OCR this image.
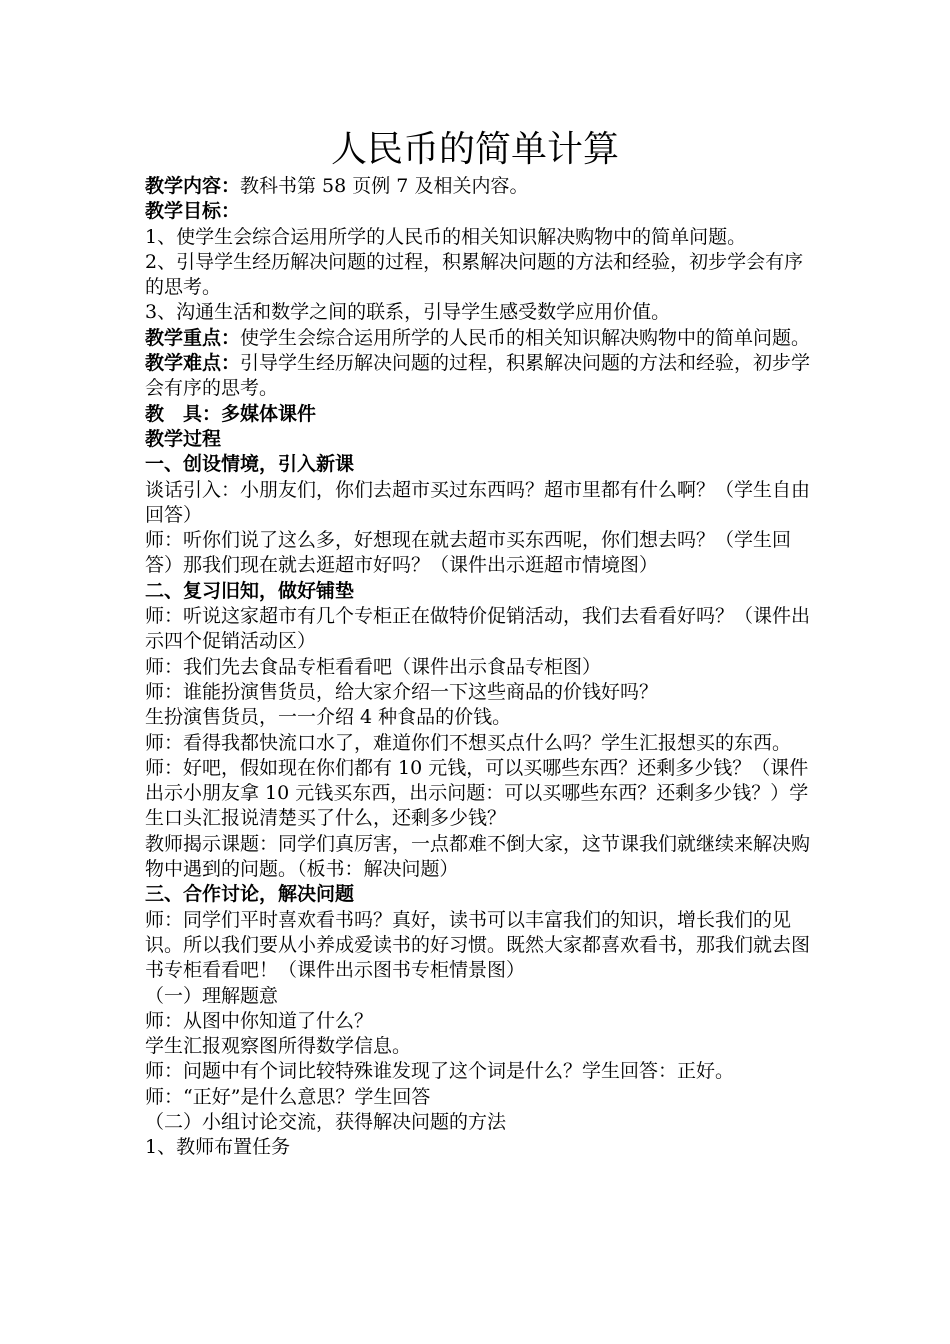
人民币的简单计算

教学内容：教科书第 58 页例 7 及相关内容。

教学目标：

1、使学生会综合运用所学的人民币的相关知识解决购物中的简单问题。

2、引导学生经历解决问题的过程，积累解决问题的方法和经验，初步学会有序的思考。

3、沟通生活和数学之间的联系，引导学生感受数学应用价值。

教学重点：使学生会综合运用所学的人民币的相关知识解决购物中的简单问题。

教学难点：引导学生经历解决问题的过程，积累解决问题的方法和经验，初步学会有序的思考。

教　具：多媒体课件

教学过程

一、创设情境，引入新课

谈话引入：小朋友们，你们去超市买过东西吗？超市里都有什么啊？（学生自由回答）

师：听你们说了这么多，好想现在就去超市买东西呢，你们想去吗？（学生回答）那我们现在就去逛超市好吗？（课件出示逛超市情境图）

二、复习旧知，做好铺垫

师：听说这家超市有几个专柜正在做特价促销活动，我们去看看好吗？（课件出示四个促销活动区）

师：我们先去食品专柜看看吧（课件出示食品专柜图）

师：谁能扮演售货员，给大家介绍一下这些商品的价钱好吗？

生扮演售货员，一一介绍 4 种食品的价钱。

师：看得我都快流口水了，难道你们不想买点什么吗？学生汇报想买的东西。

师：好吧，假如现在你们都有 10 元钱，可以买哪些东西？还剩多少钱？（课件出示小朋友拿 10 元钱买东西，出示问题：可以买哪些东西？还剩多少钱？）学生口头汇报说清楚买了什么，还剩多少钱？

教师揭示课题：同学们真厉害，一点都难不倒大家，这节课我们就继续来解决购物中遇到的问题。（板书：解决问题）

三、合作讨论，解决问题

师：同学们平时喜欢看书吗？真好，读书可以丰富我们的知识，增长我们的见识。所以我们要从小养成爱读书的好习惯。既然大家都喜欢看书，那我们就去图书专柜看看吧！（课件出示图书专柜情景图）

（一）理解题意

师：从图中你知道了什么？

学生汇报观察图所得数学信息。

师：问题中有个词比较特殊谁发现了这个词是什么？学生回答：正好。

师：“正好”是什么意思？学生回答

（二）小组讨论交流，获得解决问题的方法

1、教师布置任务
